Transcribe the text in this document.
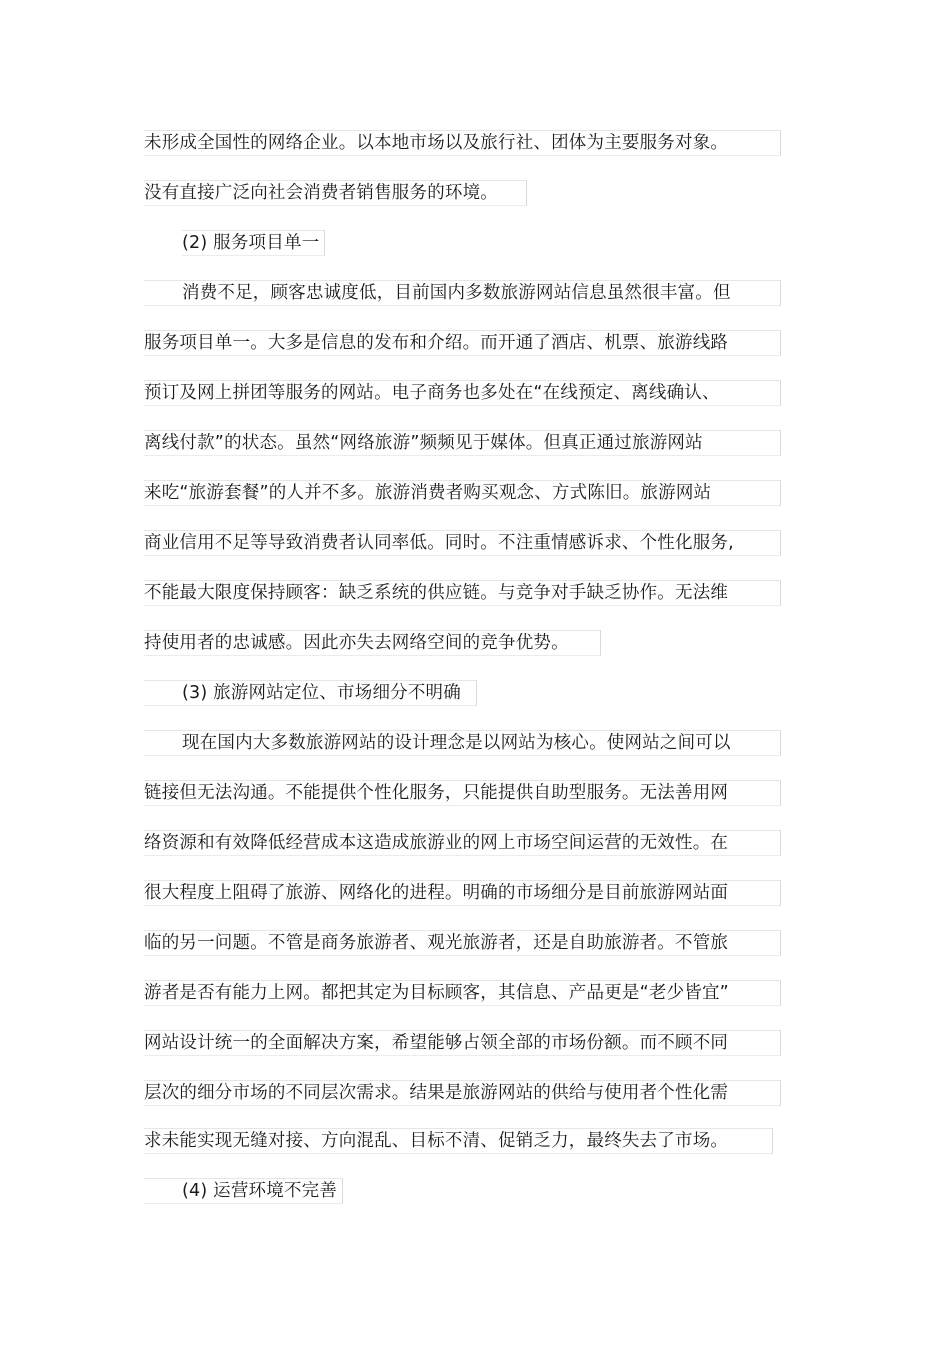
未形成全国性的网络企业。以本地市场以及旅行社、团体为主要服务对象。
没有直接广泛向社会消费者销售服务的环境。
(2) 服务项目单一
消费不足，顾客忠诚度低，目前国内多数旅游网站信息虽然很丰富。但
服务项目单一。大多是信息的发布和介绍。而开通了酒店、机票、旅游线路
预订及网上拼团等服务的网站。电子商务也多处在“在线预定、离线确认、
离线付款”的状态。虽然“网络旅游”频频见于媒体。但真正通过旅游网站
来吃“旅游套餐”的人并不多。旅游消费者购买观念、方式陈旧。旅游网站
商业信用不足等导致消费者认同率低。同时。不注重情感诉求、个性化服务,
不能最大限度保持顾客：缺乏系统的供应链。与竞争对手缺乏协作。无法维
持使用者的忠诚感。因此亦失去网络空间的竞争优势。
(3) 旅游网站定位、市场细分不明确
现在国内大多数旅游网站的设计理念是以网站为核心。使网站之间可以
链接但无法沟通。不能提供个性化服务，只能提供自助型服务。无法善用网
络资源和有效降低经营成本这造成旅游业的网上市场空间运营的无效性。在
很大程度上阻碍了旅游、网络化的进程。明确的市场细分是目前旅游网站面
临的另一问题。不管是商务旅游者、观光旅游者，还是自助旅游者。不管旅
游者是否有能力上网。都把其定为目标顾客，其信息、产品更是“老少皆宜”
网站设计统一的全面解决方案，希望能够占领全部的市场份额。而不顾不同
层次的细分市场的不同层次需求。结果是旅游网站的供给与使用者个性化需
求未能实现无缝对接、方向混乱、目标不清、促销乏力，最终失去了市场。
(4) 运营环境不完善
